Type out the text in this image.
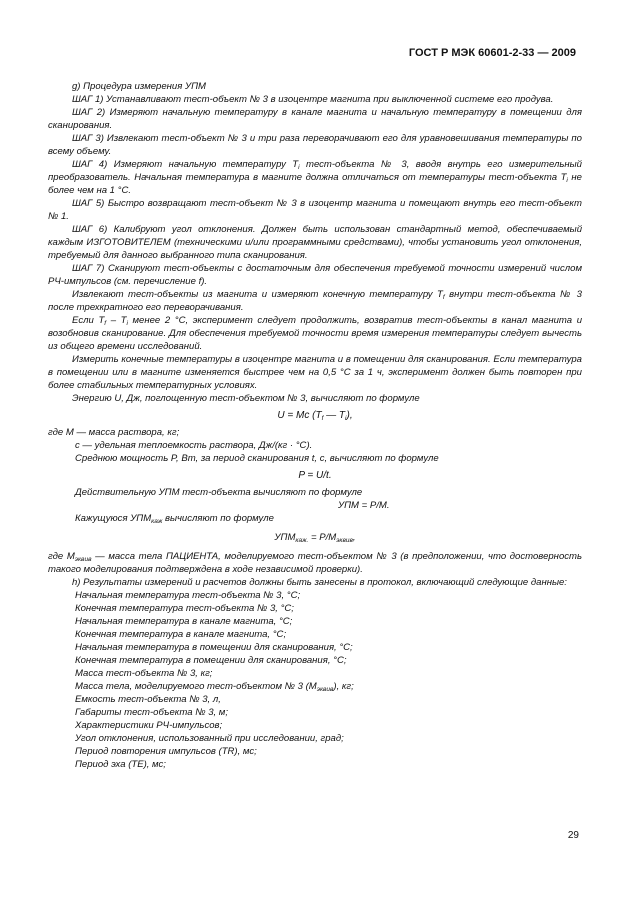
ГОСТ Р МЭК 60601-2-33 — 2009

g) Процедура измерения УПМ

ШАГ 1) Устанавливают тест-объект № 3 в изоцентре магнита при выключенной системе его продува.

ШАГ 2) Измеряют начальную температуру в канале магнита и начальную температуру в помещении для сканирования.

ШАГ 3) Извлекают тест-объект № 3 и три раза переворачивают его для уравновешивания температуры по всему объему.

ШАГ 4) Измеряют начальную температуру $T_i$ тест-объекта № 3, вводя внутрь его измерительный преобразователь. Начальная температура в магните должна отличаться от температуры тест-объекта $T_i$ не более чем на 1 °С.

ШАГ 5) Быстро возвращают тест-объект № 3 в изоцентр магнита и помещают внутрь его тест-объект № 1.

ШАГ 6) Калибруют угол отклонения. Должен быть использован стандартный метод, обеспечиваемый каждым ИЗГОТОВИТЕЛЕМ (техническими и/или программными средствами), чтобы установить угол отклонения, требуемый для данного выбранного типа сканирования.

ШАГ 7) Сканируют тест-объекты с достаточным для обеспечения требуемой точности измерений числом РЧ-импульсов (см. перечисление f).

Извлекают тест-объекты из магнита и измеряют конечную температуру $T_f$ внутри тест-объекта № 3 после трехкратного его переворачивания.

Если $T_f - T_i$ менее 2 °С, эксперимент следует продолжить, возвратив тест-объекты в канал магнита и возобновив сканирование. Для обеспечения требуемой точности время измерения температуры следует вычесть из общего времени исследований.

Измерить конечные температуры в изоцентре магнита и в помещении для сканирования. Если температура в помещении или в магните изменяется быстрее чем на 0,5 °С за 1 ч, эксперимент должен быть повторен при более стабильных температурных условиях.

Энергию U, Дж, поглощенную тест-объектом № 3, вычисляют по формуле

U = Mc ($T_f$ — $T_i$),

где M — масса раствора, кг;

c — удельная теплоемкость раствора, Дж/(кг · °С).

Среднюю мощность P, Вт, за период сканирования t, с, вычисляют по формуле

P = U/t.

Действительную УПМ тест-объекта вычисляют по формуле

УПМ = P/M.

Кажущуюся $УПМ_{каж}$ вычисляют по формуле

$УПМ_{каж.} = P/M_{эквив}$,

где $M_{эквив}$ — масса тела ПАЦИЕНТА, моделируемого тест-объектом № 3 (в предположении, что достоверность такого моделирования подтверждена в ходе независимой проверки).

h) Результаты измерений и расчетов должны быть занесены в протокол, включающий следующие данные:

Начальная температура тест-объекта № 3, °С;

Конечная температура тест-объекта № 3, °С;

Начальная температура в канале магнита, °С;

Конечная температура в канале магнита, °С;

Начальная температура в помещении для сканирования, °С;

Конечная температура в помещении для сканирования, °С;

Масса тест-объекта № 3, кг;

Масса тела, моделируемого тест-объектом № 3 $(M_{эквив})$, кг;

Емкость тест-объекта № 3, л,

Габариты тест-объекта № 3, м;

Характеристики РЧ-импульсов;

Угол отклонения, использованный при исследовании, град;

Период повторения импульсов (TR), мс;

Период эха (TE), мс;

29
